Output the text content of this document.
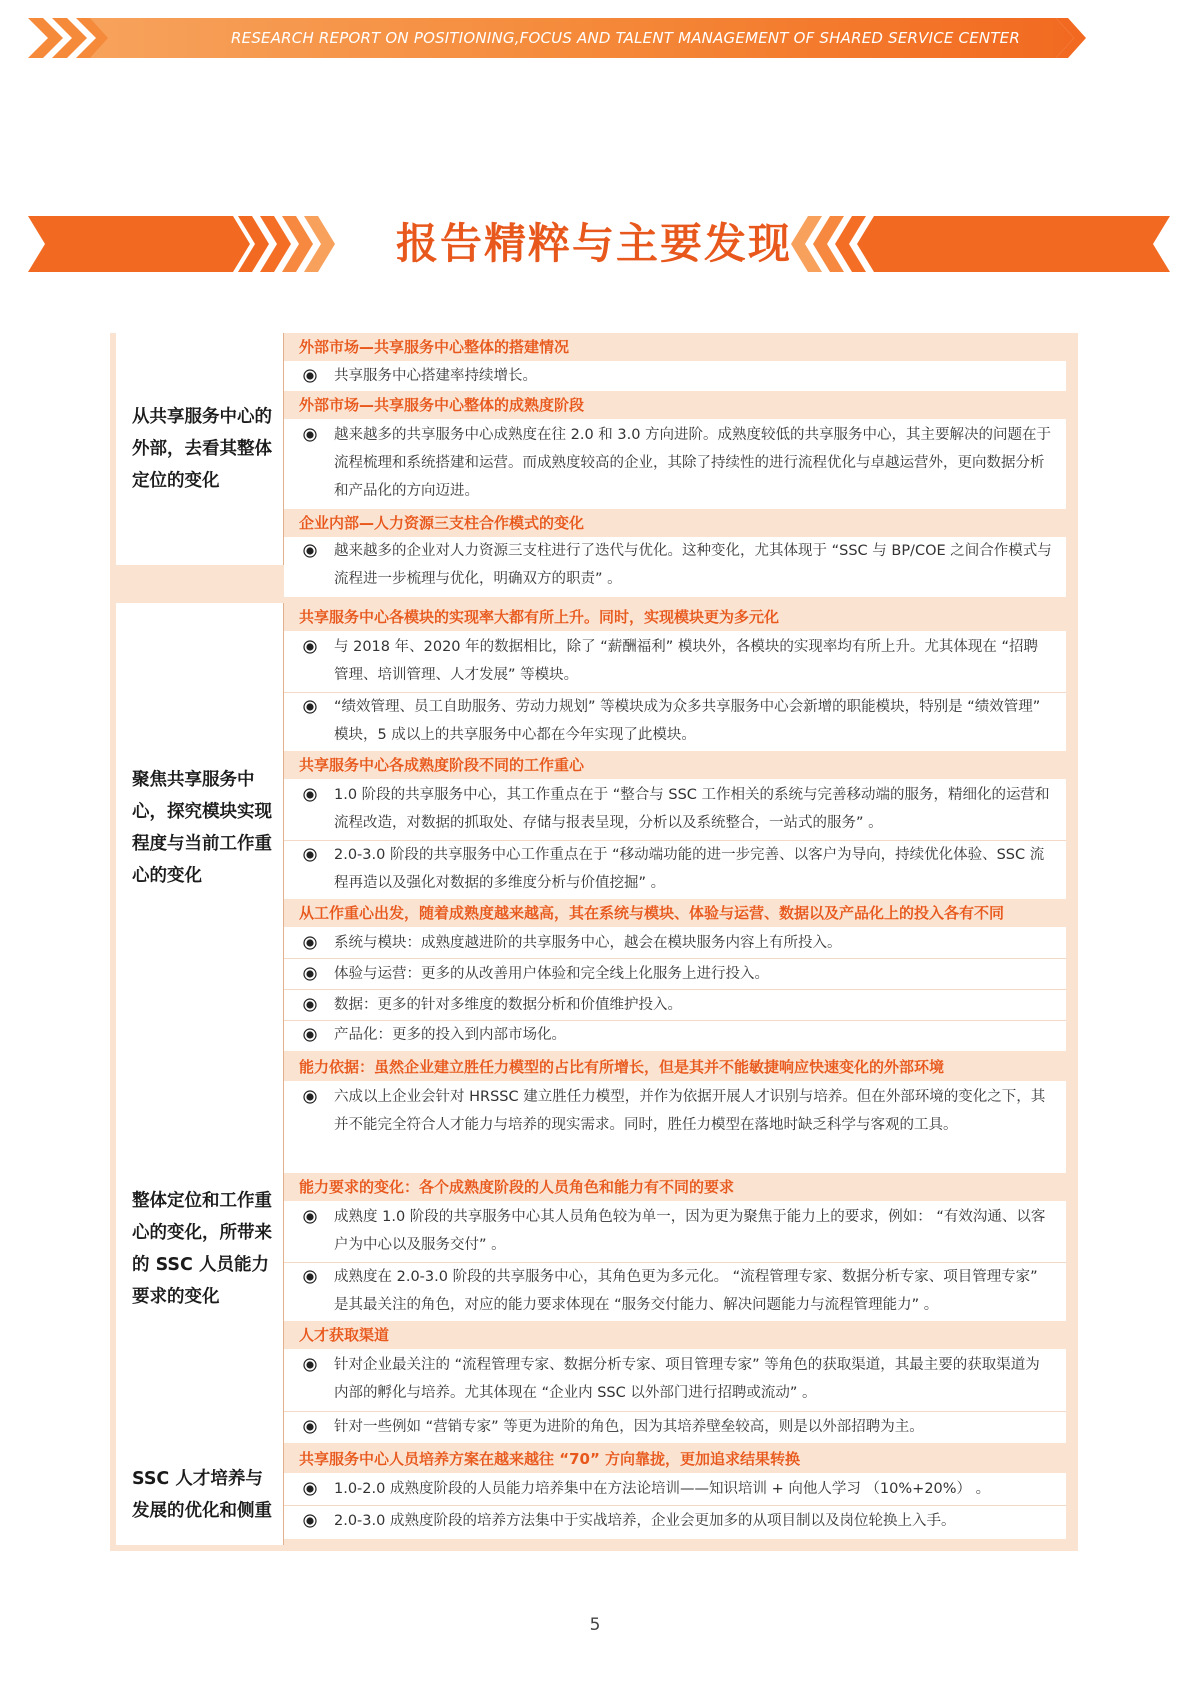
RESEARCH REPORT ON POSITIONING,FOCUS AND TALENT MANAGEMENT OF SHARED SERVICE CENTER
报告精粹与主要发现
从共享服务中心的外部，去看其整体定位的变化
外部市场—共享服务中心整体的搭建情况
共享服务中心搭建率持续增长。
外部市场—共享服务中心整体的成熟度阶段
越来越多的共享服务中心成熟度在往 2.0 和 3.0 方向进阶。成熟度较低的共享服务中心，其主要解决的问题在于流程梳理和系统搭建和运营。而成熟度较高的企业，其除了持续性的进行流程优化与卓越运营外，更向数据分析和产品化的方向迈进。
企业内部—人力资源三支柱合作模式的变化
越来越多的企业对人力资源三支柱进行了迭代与优化。这种变化，尤其体现于 “SSC 与 BP/COE 之间合作模式与流程进一步梳理与优化，明确双方的职责” 。
聚焦共享服务中心，探究模块实现程度与当前工作重心的变化
共享服务中心各模块的实现率大都有所上升。同时，实现模块更为多元化
与 2018 年、2020 年的数据相比，除了 “薪酬福利” 模块外，各模块的实现率均有所上升。尤其体现在 “招聘管理、培训管理、人才发展” 等模块。
“绩效管理、员工自助服务、劳动力规划” 等模块成为众多共享服务中心会新增的职能模块，特别是 “绩效管理” 模块，5 成以上的共享服务中心都在今年实现了此模块。
共享服务中心各成熟度阶段不同的工作重心
1.0 阶段的共享服务中心，其工作重点在于 “整合与 SSC 工作相关的系统与完善移动端的服务，精细化的运营和流程改造，对数据的抓取处、存储与报表呈现，分析以及系统整合，一站式的服务” 。
2.0-3.0 阶段的共享服务中心工作重点在于 “移动端功能的进一步完善、以客户为导向，持续优化体验、SSC 流程再造以及强化对数据的多维度分析与价值挖掘” 。
从工作重心出发，随着成熟度越来越高，其在系统与模块、体验与运营、数据以及产品化上的投入各有不同
系统与模块：成熟度越进阶的共享服务中心，越会在模块服务内容上有所投入。
体验与运营：更多的从改善用户体验和完全线上化服务上进行投入。
数据：更多的针对多维度的数据分析和价值维护投入。
产品化：更多的投入到内部市场化。
整体定位和工作重心的变化，所带来的 SSC 人员能力要求的变化
能力依据：虽然企业建立胜任力模型的占比有所增长，但是其并不能敏捷响应快速变化的外部环境
六成以上企业会针对 HRSSC 建立胜任力模型，并作为依据开展人才识别与培养。但在外部环境的变化之下，其并不能完全符合人才能力与培养的现实需求。同时，胜任力模型在落地时缺乏科学与客观的工具。
能力要求的变化：各个成熟度阶段的人员角色和能力有不同的要求
成熟度 1.0 阶段的共享服务中心其人员角色较为单一，因为更为聚焦于能力上的要求，例如： “有效沟通、以客户为中心以及服务交付” 。
成熟度在 2.0-3.0 阶段的共享服务中心，其角色更为多元化。 “流程管理专家、数据分析专家、项目管理专家” 是其最关注的角色，对应的能力要求体现在 “服务交付能力、解决问题能力与流程管理能力” 。
人才获取渠道
针对企业最关注的 “流程管理专家、数据分析专家、项目管理专家” 等角色的获取渠道，其最主要的获取渠道为内部的孵化与培养。尤其体现在 “企业内 SSC 以外部门进行招聘或流动” 。
针对一些例如 “营销专家” 等更为进阶的角色，因为其培养壁垒较高，则是以外部招聘为主。
SSC 人才培养与发展的优化和侧重
共享服务中心人员培养方案在越来越往 “70” 方向靠拢，更加追求结果转换
1.0-2.0 成熟度阶段的人员能力培养集中在方法论培训——知识培训 + 向他人学习 （10%+20%） 。
2.0-3.0 成熟度阶段的培养方法集中于实战培养，企业会更加多的从项目制以及岗位轮换上入手。
5
